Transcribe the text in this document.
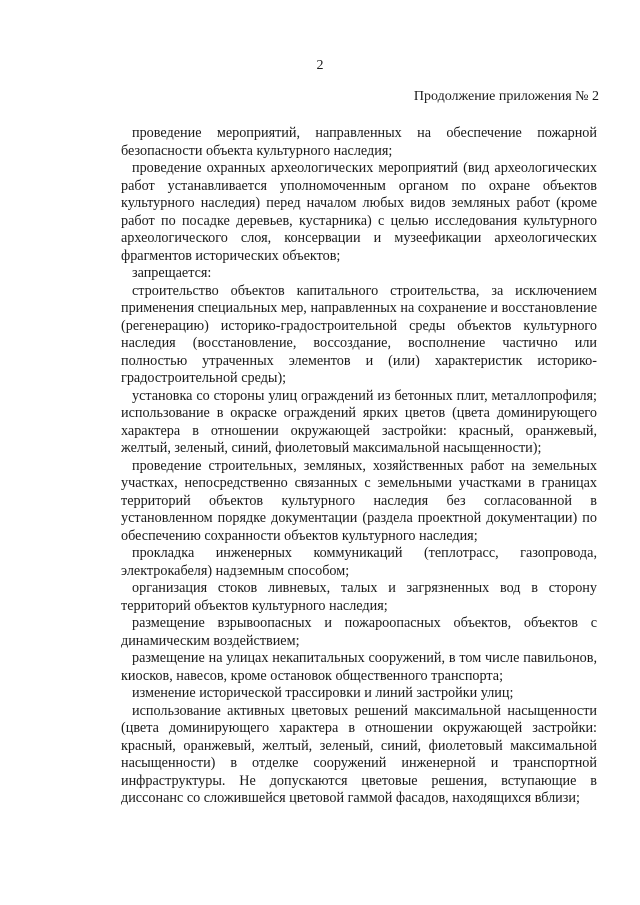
2
Продолжение приложения № 2

проведение мероприятий, направленных на обеспечение пожарной безопасности объекта культурного наследия;

проведение охранных археологических мероприятий (вид археологических работ устанавливается уполномоченным органом по охране объектов культурного наследия) перед началом любых видов земляных работ (кроме работ по посадке деревьев, кустарника) с целью исследования культурного археологического слоя, консервации и музеефикации археологических фрагментов исторических объектов;

запрещается:

строительство объектов капитального строительства, за исключением применения специальных мер, направленных на сохранение и восстановление (регенерацию) историко-градостроительной среды объектов культурного наследия (восстановление, воссоздание, восполнение частично или полностью утраченных элементов и (или) характеристик историко-градостроительной среды);

установка со стороны улиц ограждений из бетонных плит, металлопрофиля; использование в окраске ограждений ярких цветов (цвета доминирующего характера в отношении окружающей застройки: красный, оранжевый, желтый, зеленый, синий, фиолетовый максимальной насыщенности);

проведение строительных, земляных, хозяйственных работ на земельных участках, непосредственно связанных с земельными участками в границах территорий объектов культурного наследия без согласованной в установленном порядке документации (раздела проектной документации) по обеспечению сохранности объектов культурного наследия;

прокладка инженерных коммуникаций (теплотрасс, газопровода, электрокабеля) надземным способом;

организация стоков ливневых, талых и загрязненных вод в сторону территорий объектов культурного наследия;

размещение взрывоопасных и пожароопасных объектов, объектов с динамическим воздействием;

размещение на улицах некапитальных сооружений, в том числе павильонов, киосков, навесов, кроме остановок общественного транспорта;

изменение исторической трассировки и линий застройки улиц;

использование активных цветовых решений максимальной насыщенности (цвета доминирующего характера в отношении окружающей застройки: красный, оранжевый, желтый, зеленый, синий, фиолетовый максимальной насыщенности) в отделке сооружений инженерной и транспортной инфраструктуры. Не допускаются цветовые решения, вступающие в диссонанс со сложившейся цветовой гаммой фасадов, находящихся вблизи;
